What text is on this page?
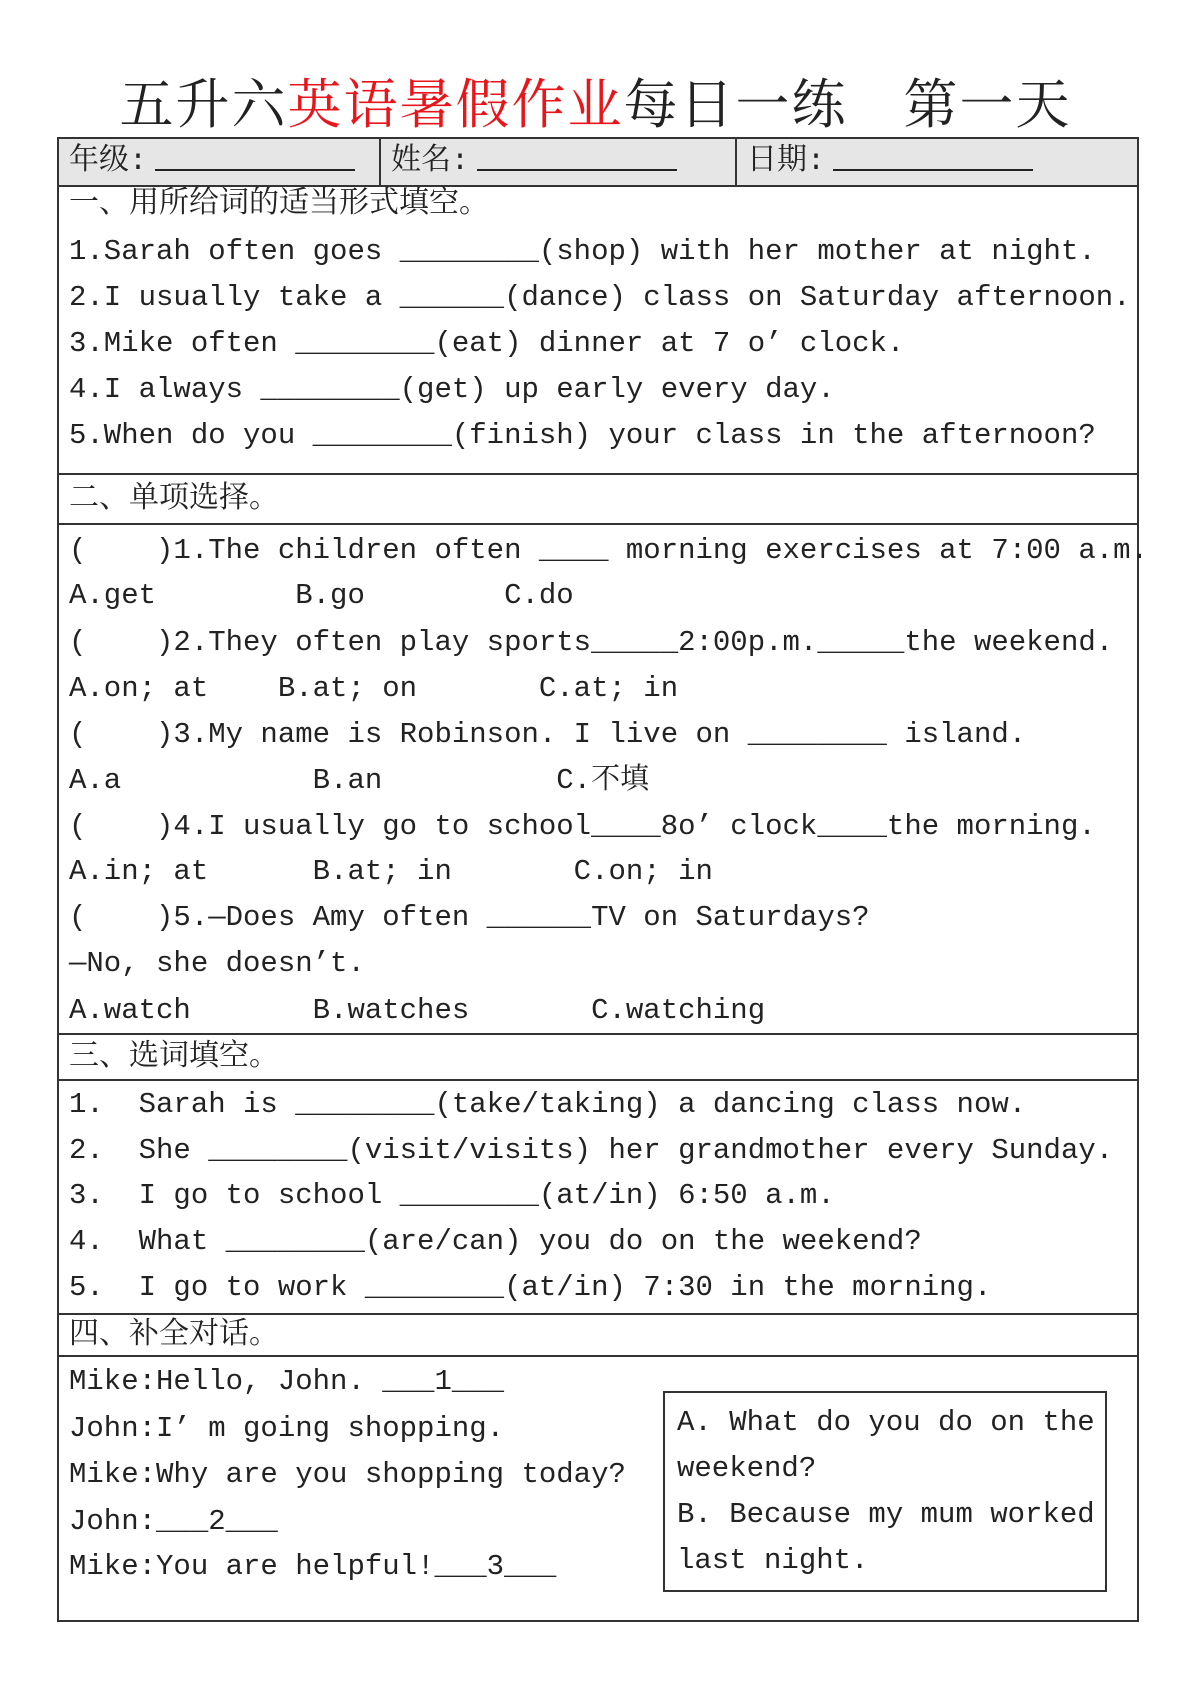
五升六英语暑假作业每日一练　第一天
年级:	姓名:	日期:
一、用所给词的适当形式填空。
1.Sarah often goes ________(shop) with her mother at night.
2.I usually take a ______(dance) class on Saturday afternoon.
3.Mike often ________(eat) dinner at 7 o’ clock.
4.I always ________(get) up early every day.
5.When do you ________(finish) your class in the afternoon?
二、单项选择。
(    )1.The children often ____ morning exercises at 7:00 a.m.
A.get        B.go        C.do
(    )2.They often play sports_____2:00p.m._____the weekend.
A.on; at    B.at; on       C.at; in
(    )3.My name is Robinson. I live on ________ island.
A.a           B.an          C.不填
(    )4.I usually go to school____8o’ clock____the morning.
A.in; at      B.at; in       C.on; in
(    )5.—Does Amy often ______TV on Saturdays?
—No, she doesn’t.
A.watch       B.watches       C.watching
三、选词填空。
1.  Sarah is ________(take/taking) a dancing class now.
2.  She ________(visit/visits) her grandmother every Sunday.
3.  I go to school ________(at/in) 6:50 a.m.
4.  What ________(are/can) you do on the weekend?
5.  I go to work ________(at/in) 7:30 in the morning.
四、补全对话。
Mike:Hello, John. ___1___
John:I’ m going shopping.
Mike:Why are you shopping today?
John:___2___
Mike:You are helpful!___3___
A. What do you do on the
weekend?
B. Because my mum worked
last night.
